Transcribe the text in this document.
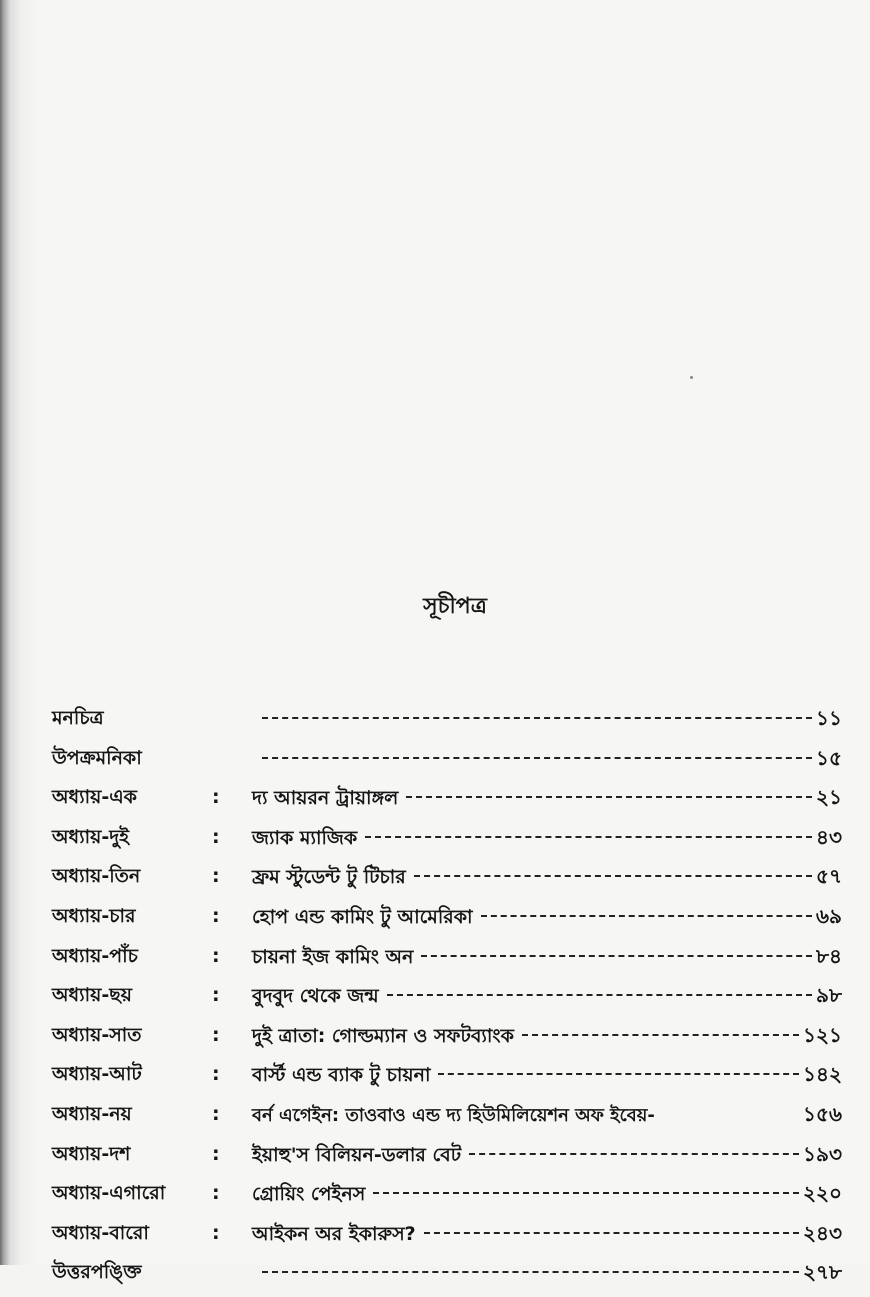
সূচীপত্র
মনচিত্র	১১
উপক্রমনিকা	১৫
অধ্যায়-এক	: দ্য আয়রন ট্রায়াঙ্গল	২১
অধ্যায়-দুই	: জ্যাক ম্যাজিক	৪৩
অধ্যায়-তিন	: ফ্রম স্টুডেন্ট টু টিচার	৫৭
অধ্যায়-চার	: হোপ এন্ড কামিং টু আমেরিকা	৬৯
অধ্যায়-পাঁচ	: চায়না ইজ কামিং অন	৮৪
অধ্যায়-ছয়	: বুদবুদ থেকে জন্ম	৯৮
অধ্যায়-সাত	: দুই ত্রাতা: গোল্ডম্যান ও সফটব্যাংক	১২১
অধ্যায়-আট	: বার্স্ট এন্ড ব্যাক টু চায়না	১৪২
অধ্যায়-নয়	: বর্ন এগেইন: তাওবাও এন্ড দ্য হিউমিলিয়েশন অফ ইবেয়-	১৫৬
অধ্যায়-দশ	: ইয়াহু'স বিলিয়ন-ডলার বেট	১৯৩
অধ্যায়-এগারো : গ্রোয়িং পেইনস	২২০
অধ্যায়-বারো	: আইকন অর ইকারুস?	২৪৩
উত্তরপঙ্ক্তি	২৭৮
